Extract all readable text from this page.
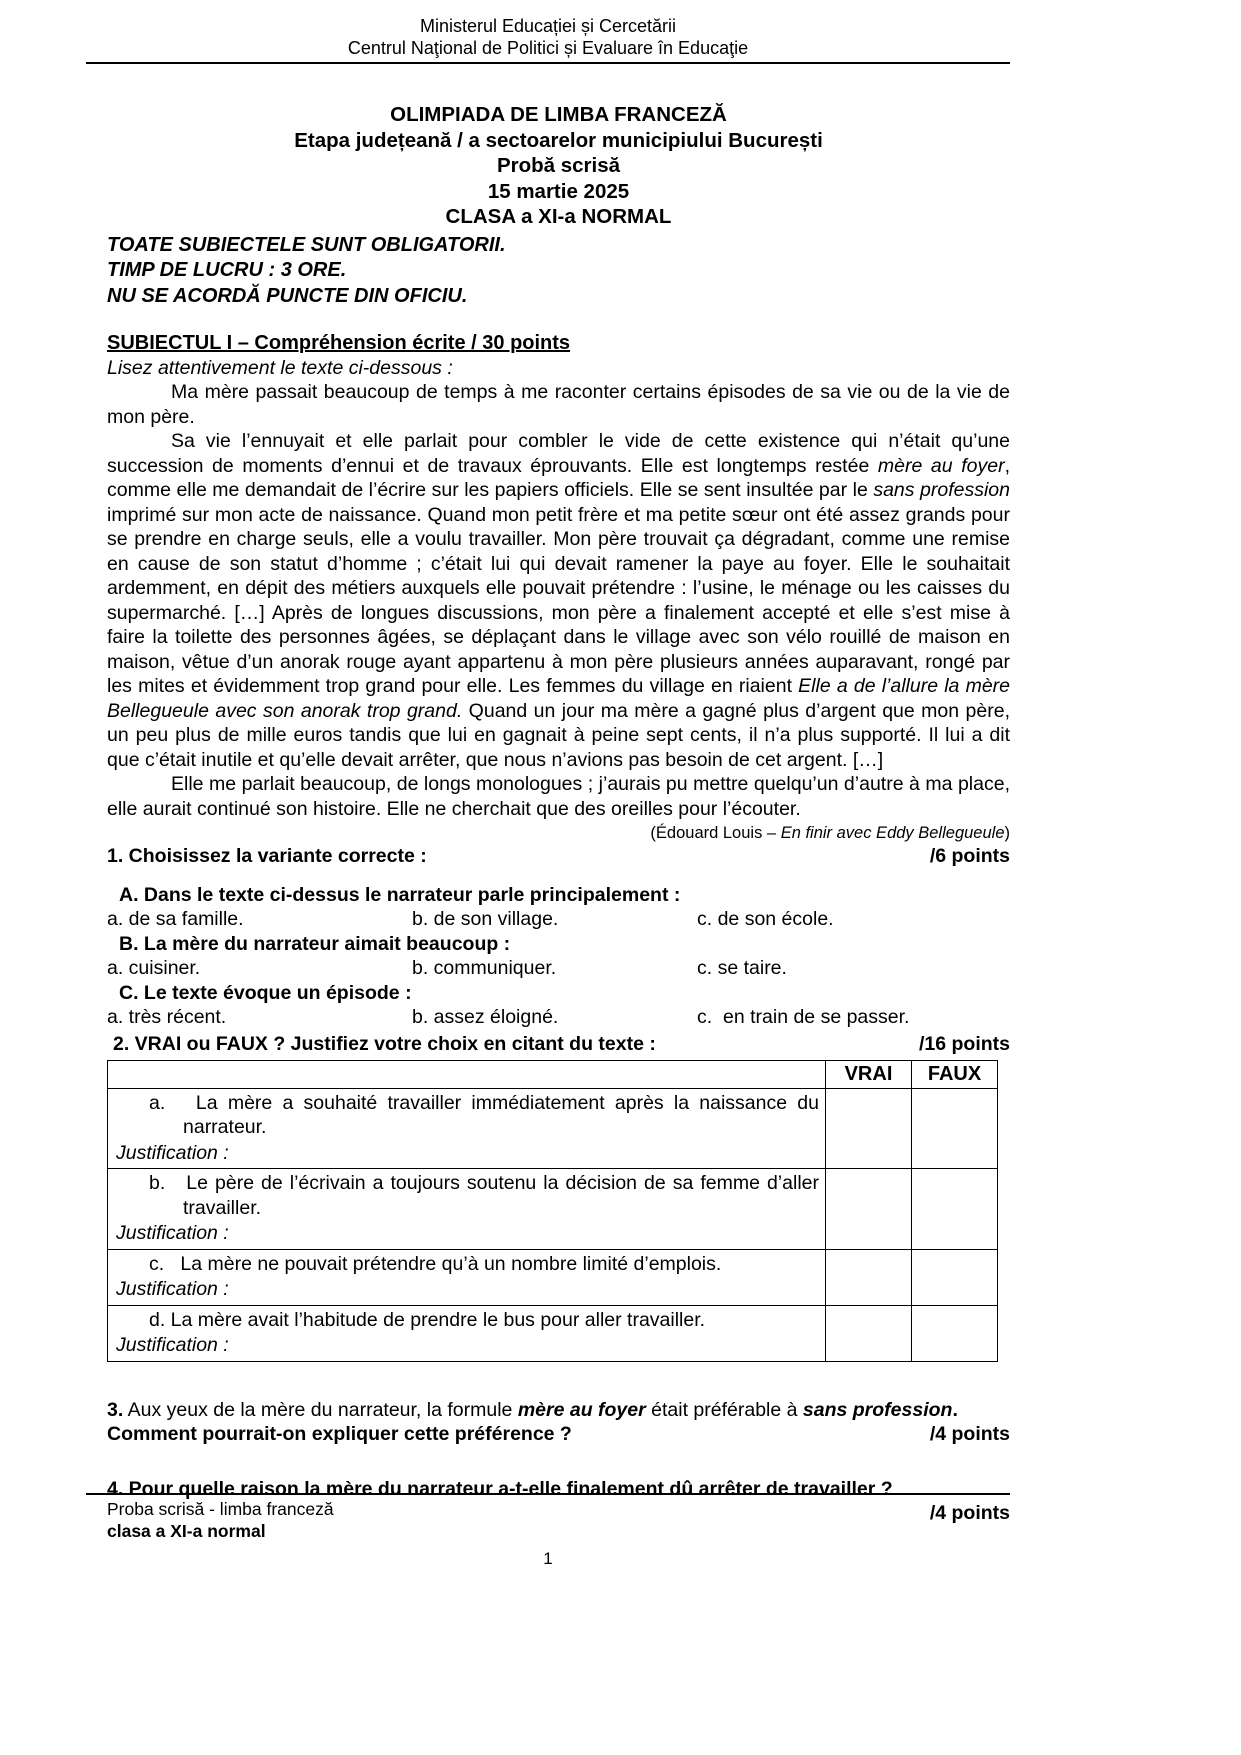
Ministerul Educației și Cercetării
Centrul Naţional de Politici și Evaluare în Educaţie
OLIMPIADA DE LIMBA FRANCEZĂ
Etapa județeană / a sectoarelor municipiului București
Probă scrisă
15 martie 2025
CLASA a XI-a NORMAL
TOATE SUBIECTELE SUNT OBLIGATORII.
TIMP DE LUCRU : 3 ORE.
NU SE ACORDĂ PUNCTE DIN OFICIU.
SUBIECTUL I – Compréhension écrite / 30 points
Lisez attentivement le texte ci-dessous :
Ma mère passait beaucoup de temps à me raconter certains épisodes de sa vie ou de la vie de mon père.
Sa vie l’ennuyait et elle parlait pour combler le vide de cette existence qui n’était qu’une succession de moments d’ennui et de travaux éprouvants. Elle est longtemps restée mère au foyer, comme elle me demandait de l’écrire sur les papiers officiels. Elle se sent insultée par le sans profession imprimé sur mon acte de naissance. Quand mon petit frère et ma petite sœur ont été assez grands pour se prendre en charge seuls, elle a voulu travailler. Mon père trouvait ça dégradant, comme une remise en cause de son statut d’homme ; c’était lui qui devait ramener la paye au foyer. Elle le souhaitait ardemment, en dépit des métiers auxquels elle pouvait prétendre : l’usine, le ménage ou les caisses du supermarché. […] Après de longues discussions, mon père a finalement accepté et elle s’est mise à faire la toilette des personnes âgées, se déplaçant dans le village avec son vélo rouillé de maison en maison, vêtue d’un anorak rouge ayant appartenu à mon père plusieurs années auparavant, rongé par les mites et évidemment trop grand pour elle. Les femmes du village en riaient Elle a de l’allure la mère Bellegueule avec son anorak trop grand. Quand un jour ma mère a gagné plus d’argent que mon père, un peu plus de mille euros tandis que lui en gagnait à peine sept cents, il n’a plus supporté. Il lui a dit que c’était inutile et qu’elle devait arrêter, que nous n’avions pas besoin de cet argent. […]
Elle me parlait beaucoup, de longs monologues ; j’aurais pu mettre quelqu’un d’autre à ma place, elle aurait continué son histoire. Elle ne cherchait que des oreilles pour l’écouter.
(Édouard Louis – En finir avec Eddy Bellegueule)
1. Choisissez la variante correcte :	/6 points
A. Dans le texte ci-dessus le narrateur parle principalement :
a. de sa famille.	b. de son village.	c. de son école.
B. La mère du narrateur aimait beaucoup :
a. cuisiner.	b. communiquer.	c. se taire.
C. Le texte évoque un épisode :
a. très récent.	b. assez éloigné.	c.  en train de se passer.
2. VRAI ou FAUX ? Justifiez votre choix en citant du texte :	/16 points
	VRAI	FAUX

a.   La mère a souhaité travailler immédiatement après la naissance du narrateur.
Justification :		

b.   Le père de l’écrivain a toujours soutenu la décision de sa femme d’aller travailler.
Justification :		

c.   La mère ne pouvait prétendre qu’à un nombre limité d’emplois.
Justification :		

d. La mère avait l’habitude de prendre le bus pour aller travailler.
Justification :		

3. Aux yeux de la mère du narrateur, la formule mère au foyer était préférable à sans profession.
Comment pourrait-on expliquer cette préférence ?	/4 points
4. Pour quelle raison la mère du narrateur a-t-elle finalement dû arrêter de travailler ?
/4 points
Proba scrisă - limba franceză
clasa a XI-a normal
1
